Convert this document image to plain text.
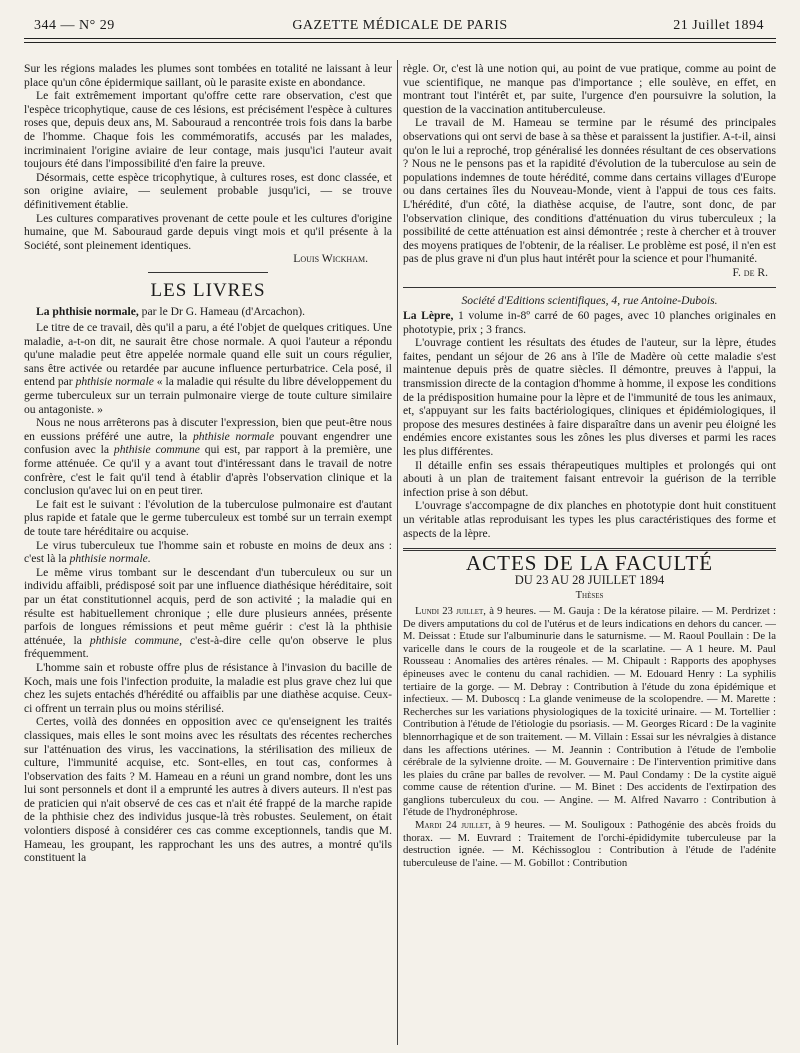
344 — N° 29	GAZETTE MÉDICALE DE PARIS	21 Juillet 1894

Sur les régions malades les plumes sont tombées en totalité ne laissant à leur place qu'un cône épidermique saillant, où le parasite existe en abondance.

Le fait extrêmement important qu'offre cette rare observation, c'est que l'espèce tricophytique, cause de ces lésions, est précisément l'espèce à cultures roses que, depuis deux ans, M. Sabouraud a rencontrée trois fois dans la barbe de l'homme. Chaque fois les commémoratifs, accusés par les malades, incriminaient l'origine aviaire de leur contage, mais jusqu'ici l'auteur avait toujours été dans l'impossibilité d'en faire la preuve.

Désormais, cette espèce tricophytique, à cultures roses, est donc classée, et son origine aviaire, — seulement probable jusqu'ici, — se trouve définitivement établie.

Les cultures comparatives provenant de cette poule et les cultures d'origine humaine, que M. Sabouraud garde depuis vingt mois et qu'il présente à la Société, sont pleinement identiques.

Louis Wickham.

LES LIVRES

La phthisie normale, par le Dr G. Hameau (d'Arcachon).

Le titre de ce travail, dès qu'il a paru, a été l'objet de quelques critiques. Une maladie, a-t-on dit, ne saurait être chose normale. A quoi l'auteur a répondu qu'une maladie peut être appelée normale quand elle suit un cours régulier, sans être activée ou retardée par aucune influence perturbatrice. Cela posé, il entend par phthisie normale « la maladie qui résulte du libre développement du germe tuberculeux sur un terrain pulmonaire vierge de toute culture similaire ou antagoniste. »

Nous ne nous arrêterons pas à discuter l'expression, bien que peut-être nous en eussions préféré une autre, la phthisie normale pouvant engendrer une confusion avec la phthisie commune qui est, par rapport à la première, une forme atténuée. Ce qu'il y a avant tout d'intéressant dans le travail de notre confrère, c'est le fait qu'il tend à établir d'après l'observation clinique et la conclusion qu'avec lui on en peut tirer.

Le fait est le suivant : l'évolution de la tuberculose pulmonaire est d'autant plus rapide et fatale que le germe tuberculeux est tombé sur un terrain exempt de toute tare héréditaire ou acquise.

Le virus tuberculeux tue l'homme sain et robuste en moins de deux ans : c'est là la phthisie normale.

Le même virus tombant sur le descendant d'un tuberculeux ou sur un individu affaibli, prédisposé soit par une influence diathésique héréditaire, soit par un état constitutionnel acquis, perd de son activité ; la maladie qui en résulte est habituellement chronique ; elle dure plusieurs années, présente parfois de longues rémissions et peut même guérir : c'est là la phthisie atténuée, la phthisie commune, c'est-à-dire celle qu'on observe le plus fréquemment.

L'homme sain et robuste offre plus de résistance à l'invasion du bacille de Koch, mais une fois l'infection produite, la maladie est plus grave chez lui que chez les sujets entachés d'hérédité ou affaiblis par une diathèse acquise. Ceux-ci offrent un terrain plus ou moins stérilisé.

Certes, voilà des données en opposition avec ce qu'enseignent les traités classiques, mais elles le sont moins avec les résultats des récentes recherches sur l'atténuation des virus, les vaccinations, la stérilisation des milieux de culture, l'immunité acquise, etc. Sont-elles, en tout cas, conformes à l'observation des faits ? M. Hameau en a réuni un grand nombre, dont les uns lui sont personnels et dont il a emprunté les autres à divers auteurs. Il n'est pas de praticien qui n'ait observé de ces cas et n'ait été frappé de la marche rapide de la phthisie chez des individus jusque-là très robustes. Seulement, on était volontiers disposé à considérer ces cas comme exceptionnels, tandis que M. Hameau, les groupant, les rapprochant les uns des autres, a montré qu'ils constituent la

règle. Or, c'est là une notion qui, au point de vue pratique, comme au point de vue scientifique, ne manque pas d'importance ; elle soulève, en effet, en montrant tout l'intérêt et, par suite, l'urgence d'en poursuivre la solution, la question de la vaccination antituberculeuse.

Le travail de M. Hameau se termine par le résumé des principales observations qui ont servi de base à sa thèse et paraissent la justifier. A-t-il, ainsi qu'on le lui a reproché, trop généralisé les données résultant de ces observations ? Nous ne le pensons pas et la rapidité d'évolution de la tuberculose au sein de populations indemnes de toute hérédité, comme dans certains villages d'Europe ou dans certaines îles du Nouveau-Monde, vient à l'appui de tous ces faits. L'hérédité, d'un côté, la diathèse acquise, de l'autre, sont donc, de par l'observation clinique, des conditions d'atténuation du virus tuberculeux ; la possibilité de cette atténuation est ainsi démontrée ; reste à chercher et à trouver des moyens pratiques de l'obtenir, de la réaliser. Le problème est posé, il n'en est pas de plus grave ni d'un plus haut intérêt pour la science et pour l'humanité.

F. de R.

Société d'Editions scientifiques, 4, rue Antoine-Dubois.

La Lèpre, 1 volume in-8º carré de 60 pages, avec 10 planches originales en phototypie, prix ; 3 francs.

L'ouvrage contient les résultats des études de l'auteur, sur la lèpre, études faites, pendant un séjour de 26 ans à l'île de Madère où cette maladie s'est maintenue depuis près de quatre siècles. Il démontre, preuves à l'appui, la transmission directe de la contagion d'homme à homme, il expose les conditions de la prédisposition humaine pour la lèpre et de l'immunité de tous les animaux, et, s'appuyant sur les faits bactériologiques, cliniques et épidémiologiques, il propose des mesures destinées à faire disparaître dans un avenir peu éloigné les endémies encore existantes sous les zônes les plus diverses et parmi les races les plus différentes.

Il détaille enfin ses essais thérapeutiques multiples et prolongés qui ont abouti à un plan de traitement faisant entrevoir la guérison de la terrible infection prise à son début.

L'ouvrage s'accompagne de dix planches en phototypie dont huit constituent un véritable atlas reproduisant les types les plus caractéristiques des forme et aspects de la lèpre.

ACTES DE LA FACULTÉ

DU 23 AU 28 JUILLET 1894

Thèses

Lundi 23 juillet, à 9 heures. — M. Gauja : De la kératose pilaire. — M. Perdrizet : De divers amputations du col de l'utérus et de leurs indications en dehors du cancer. — M. Deissat : Etude sur l'albuminurie dans le saturnisme. — M. Raoul Poullain : De la varicelle dans le cours de la rougeole et de la scarlatine. — A 1 heure. M. Paul Rousseau : Anomalies des artères rénales. — M. Chipault : Rapports des apophyses épineuses avec le contenu du canal rachidien. — M. Edouard Henry : La syphilis tertiaire de la gorge. — M. Debray : Contribution à l'étude du zona épidémique et infectieux. — M. Duboscq : La glande venimeuse de la scolopendre. — M. Marette : Recherches sur les variations physiologiques de la toxicité urinaire. — M. Tortellier : Contribution à l'étude de l'étiologie du psoriasis. — M. Georges Ricard : De la vaginite blennorrhagique et de son traitement. — M. Villain : Essai sur les névralgies à distance dans les affections utérines. — M. Jeannin : Contribution à l'étude de l'embolie cérébrale de la sylvienne droite. — M. Gouvernaire : De l'intervention primitive dans les plaies du crâne par balles de revolver. — M. Paul Condamy : De la cystite aiguë comme cause de rétention d'urine. — M. Binet : Des accidents de l'extirpation des ganglions tuberculeux du cou. — Angine. — M. Alfred Navarro : Contribution à l'étude de l'hydronéphrose.

Mardi 24 juillet, à 9 heures. — M. Souligoux : Pathogénie des abcès froids du thorax. — M. Euvrard : Traitement de l'orchi-épididymite tuberculeuse par la destruction ignée. — M. Kéchissoglou : Contribution à l'étude de l'adénite tuberculeuse de l'aine. — M. Gobillot : Contribution
